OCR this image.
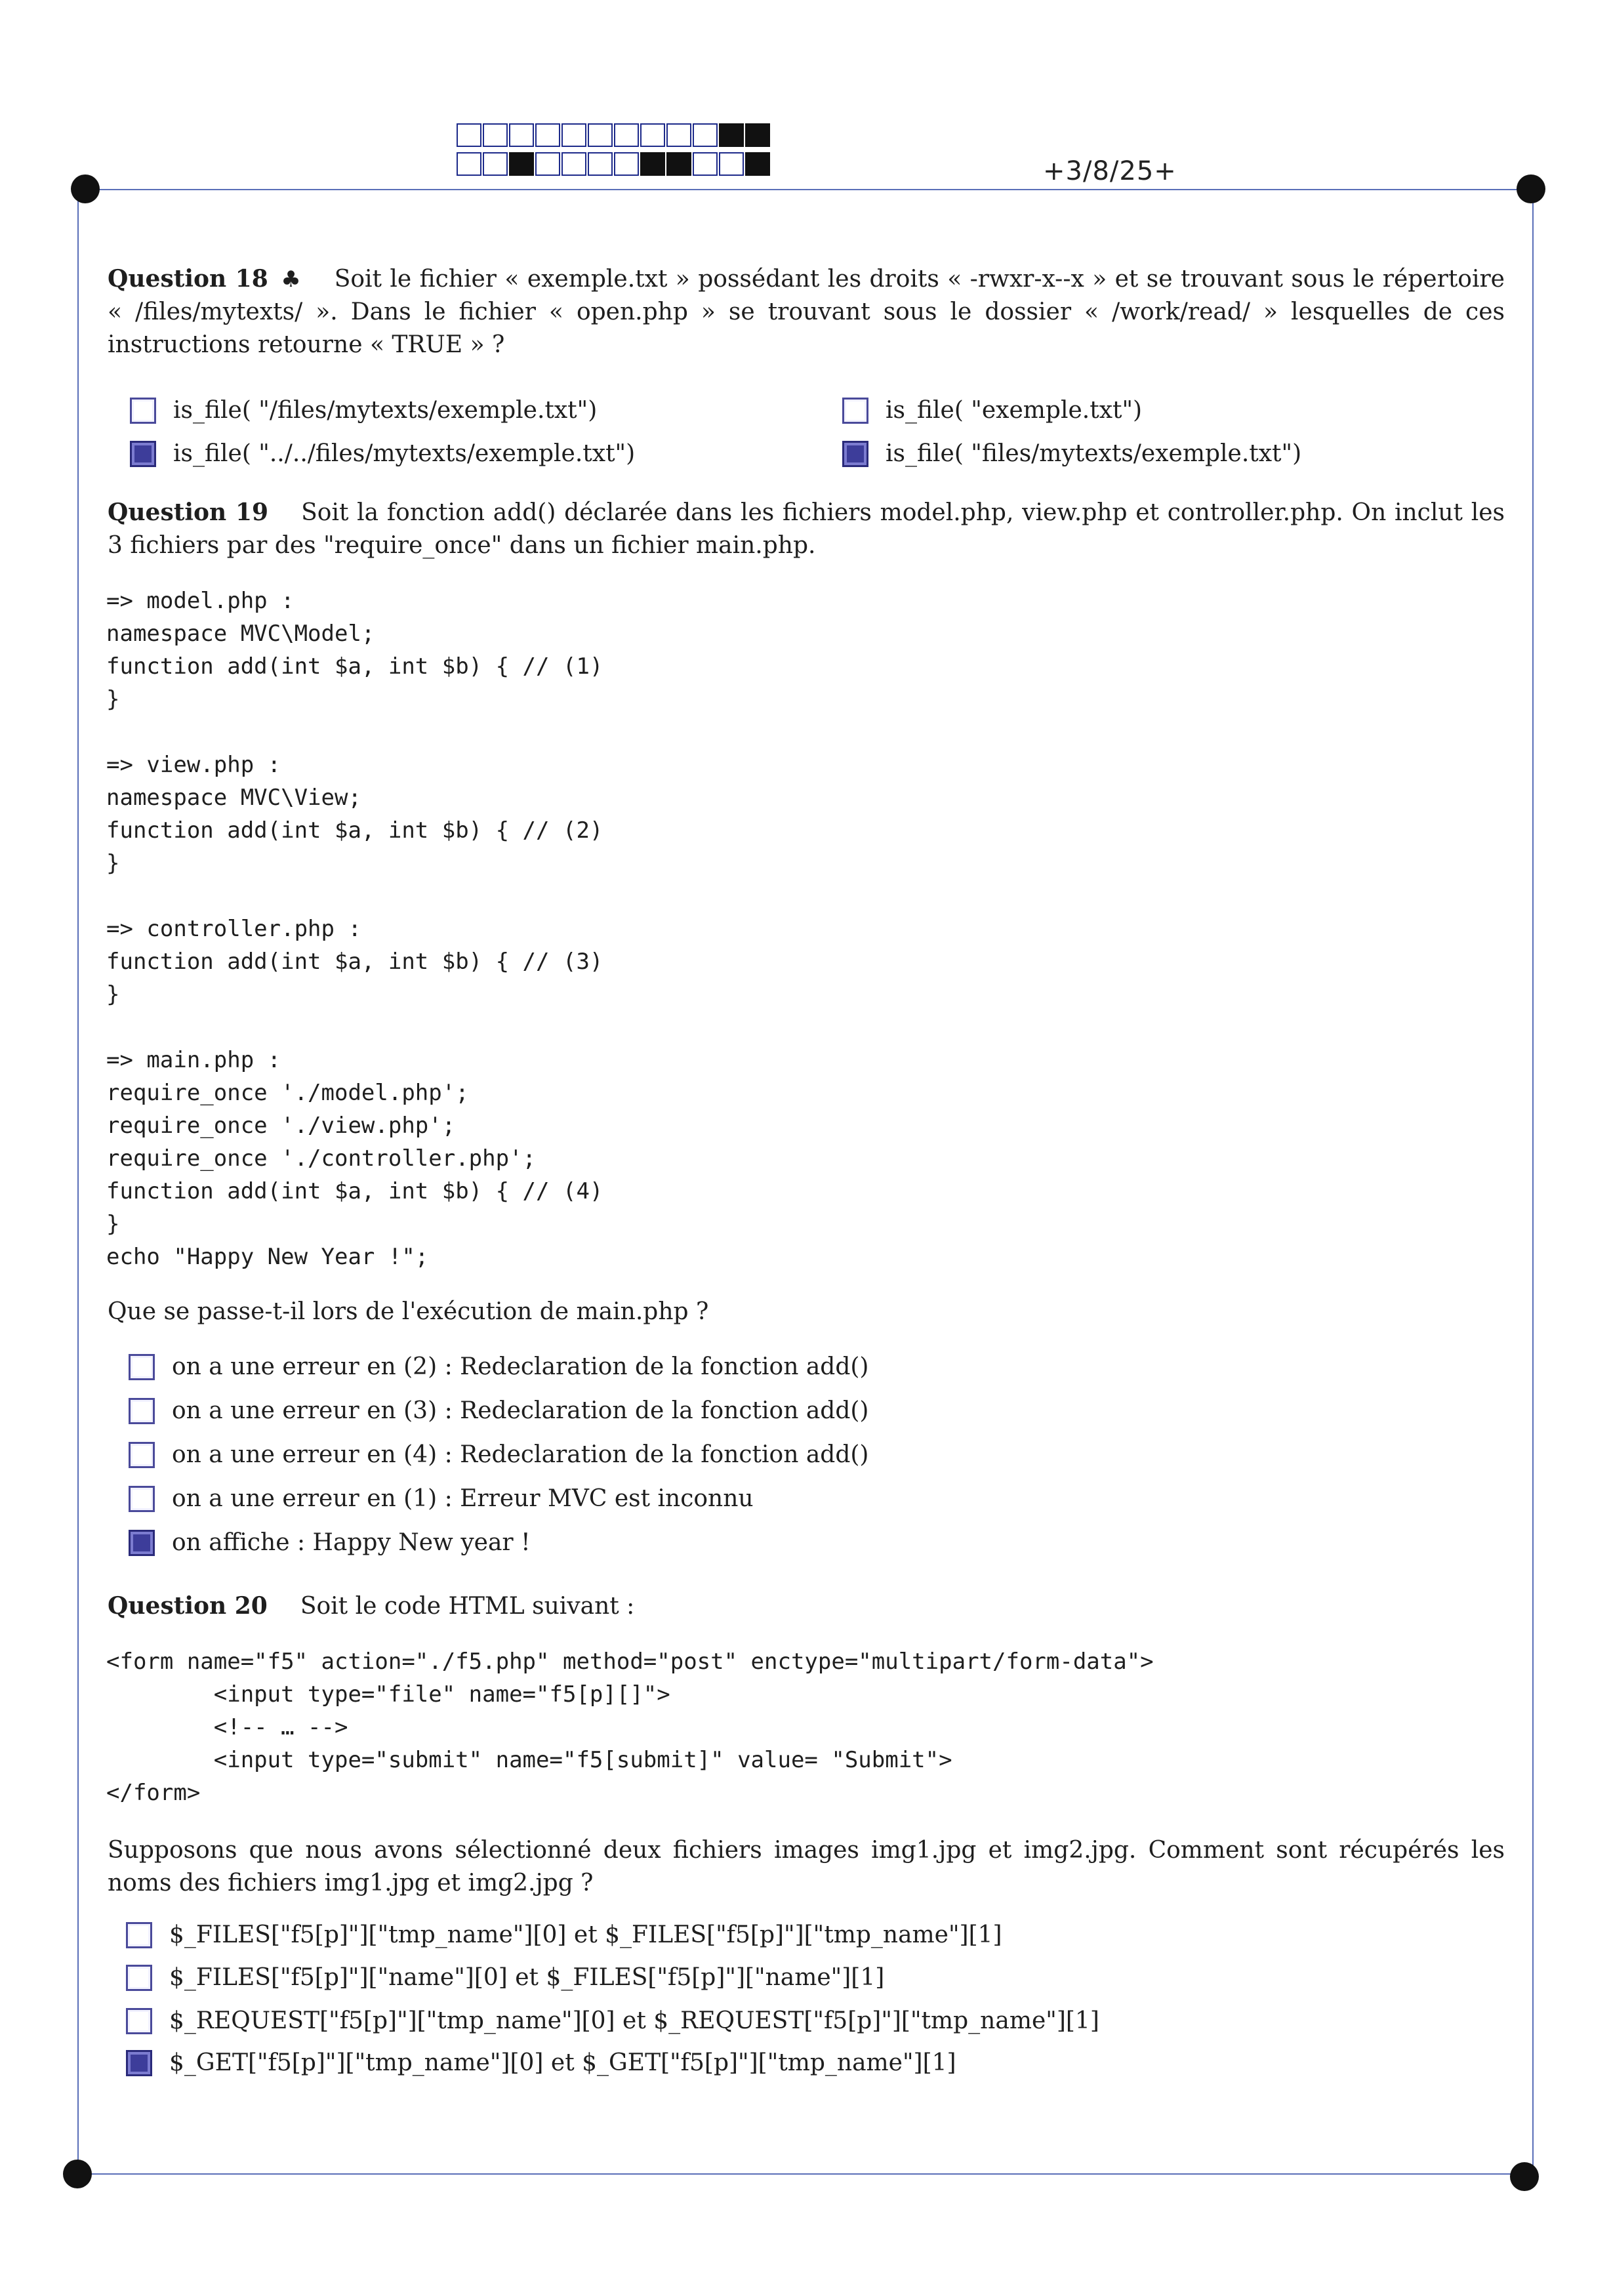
+3/8/25+
Question 18 ♣ Soit le fichier « exemple.txt » possédant les droits « -rwxr-x--x » et se trouvant sous le répertoire « /files/mytexts/ ». Dans le fichier « open.php » se trouvant sous le dossier « /work/read/ » lesquelles de ces instructions retourne « TRUE » ?
is_file( "/files/mytexts/exemple.txt")	is_file( "exemple.txt")
is_file( "../../files/mytexts/exemple.txt")	is_file( "files/mytexts/exemple.txt")
Question 19 Soit la fonction add() déclarée dans les fichiers model.php, view.php et controller.php. On inclut les 3 fichiers par des "require_once" dans un fichier main.php.
=> model.php :
namespace MVC\Model;
function add(int $a, int $b) { // (1)
}

=> view.php :
namespace MVC\View;
function add(int $a, int $b) { // (2)
}

=> controller.php :
function add(int $a, int $b) { // (3)
}

=> main.php :
require_once './model.php';
require_once './view.php';
require_once './controller.php';
function add(int $a, int $b) { // (4)
}
echo "Happy New Year !";
Que se passe-t-il lors de l'exécution de main.php ?
on a une erreur en (2) : Redeclaration de la fonction add()
on a une erreur en (3) : Redeclaration de la fonction add()
on a une erreur en (4) : Redeclaration de la fonction add()
on a une erreur en (1) : Erreur MVC est inconnu
on affiche : Happy New year !
Question 20 Soit le code HTML suivant :
<form name="f5" action="./f5.php" method="post" enctype="multipart/form-data">
<input type="file" name="f5[p][]">
<!-- … -->
<input type="submit" name="f5[submit]" value= "Submit">
</form>
Supposons que nous avons sélectionné deux fichiers images img1.jpg et img2.jpg. Comment sont récupérés les noms des fichiers img1.jpg et img2.jpg ?
$_FILES["f5[p]"]["tmp_name"][0] et $_FILES["f5[p]"]["tmp_name"][1]
$_FILES["f5[p]"]["name"][0] et $_FILES["f5[p]"]["name"][1]
$_REQUEST["f5[p]"]["tmp_name"][0] et $_REQUEST["f5[p]"]["tmp_name"][1]
$_GET["f5[p]"]["tmp_name"][0] et $_GET["f5[p]"]["tmp_name"][1]
